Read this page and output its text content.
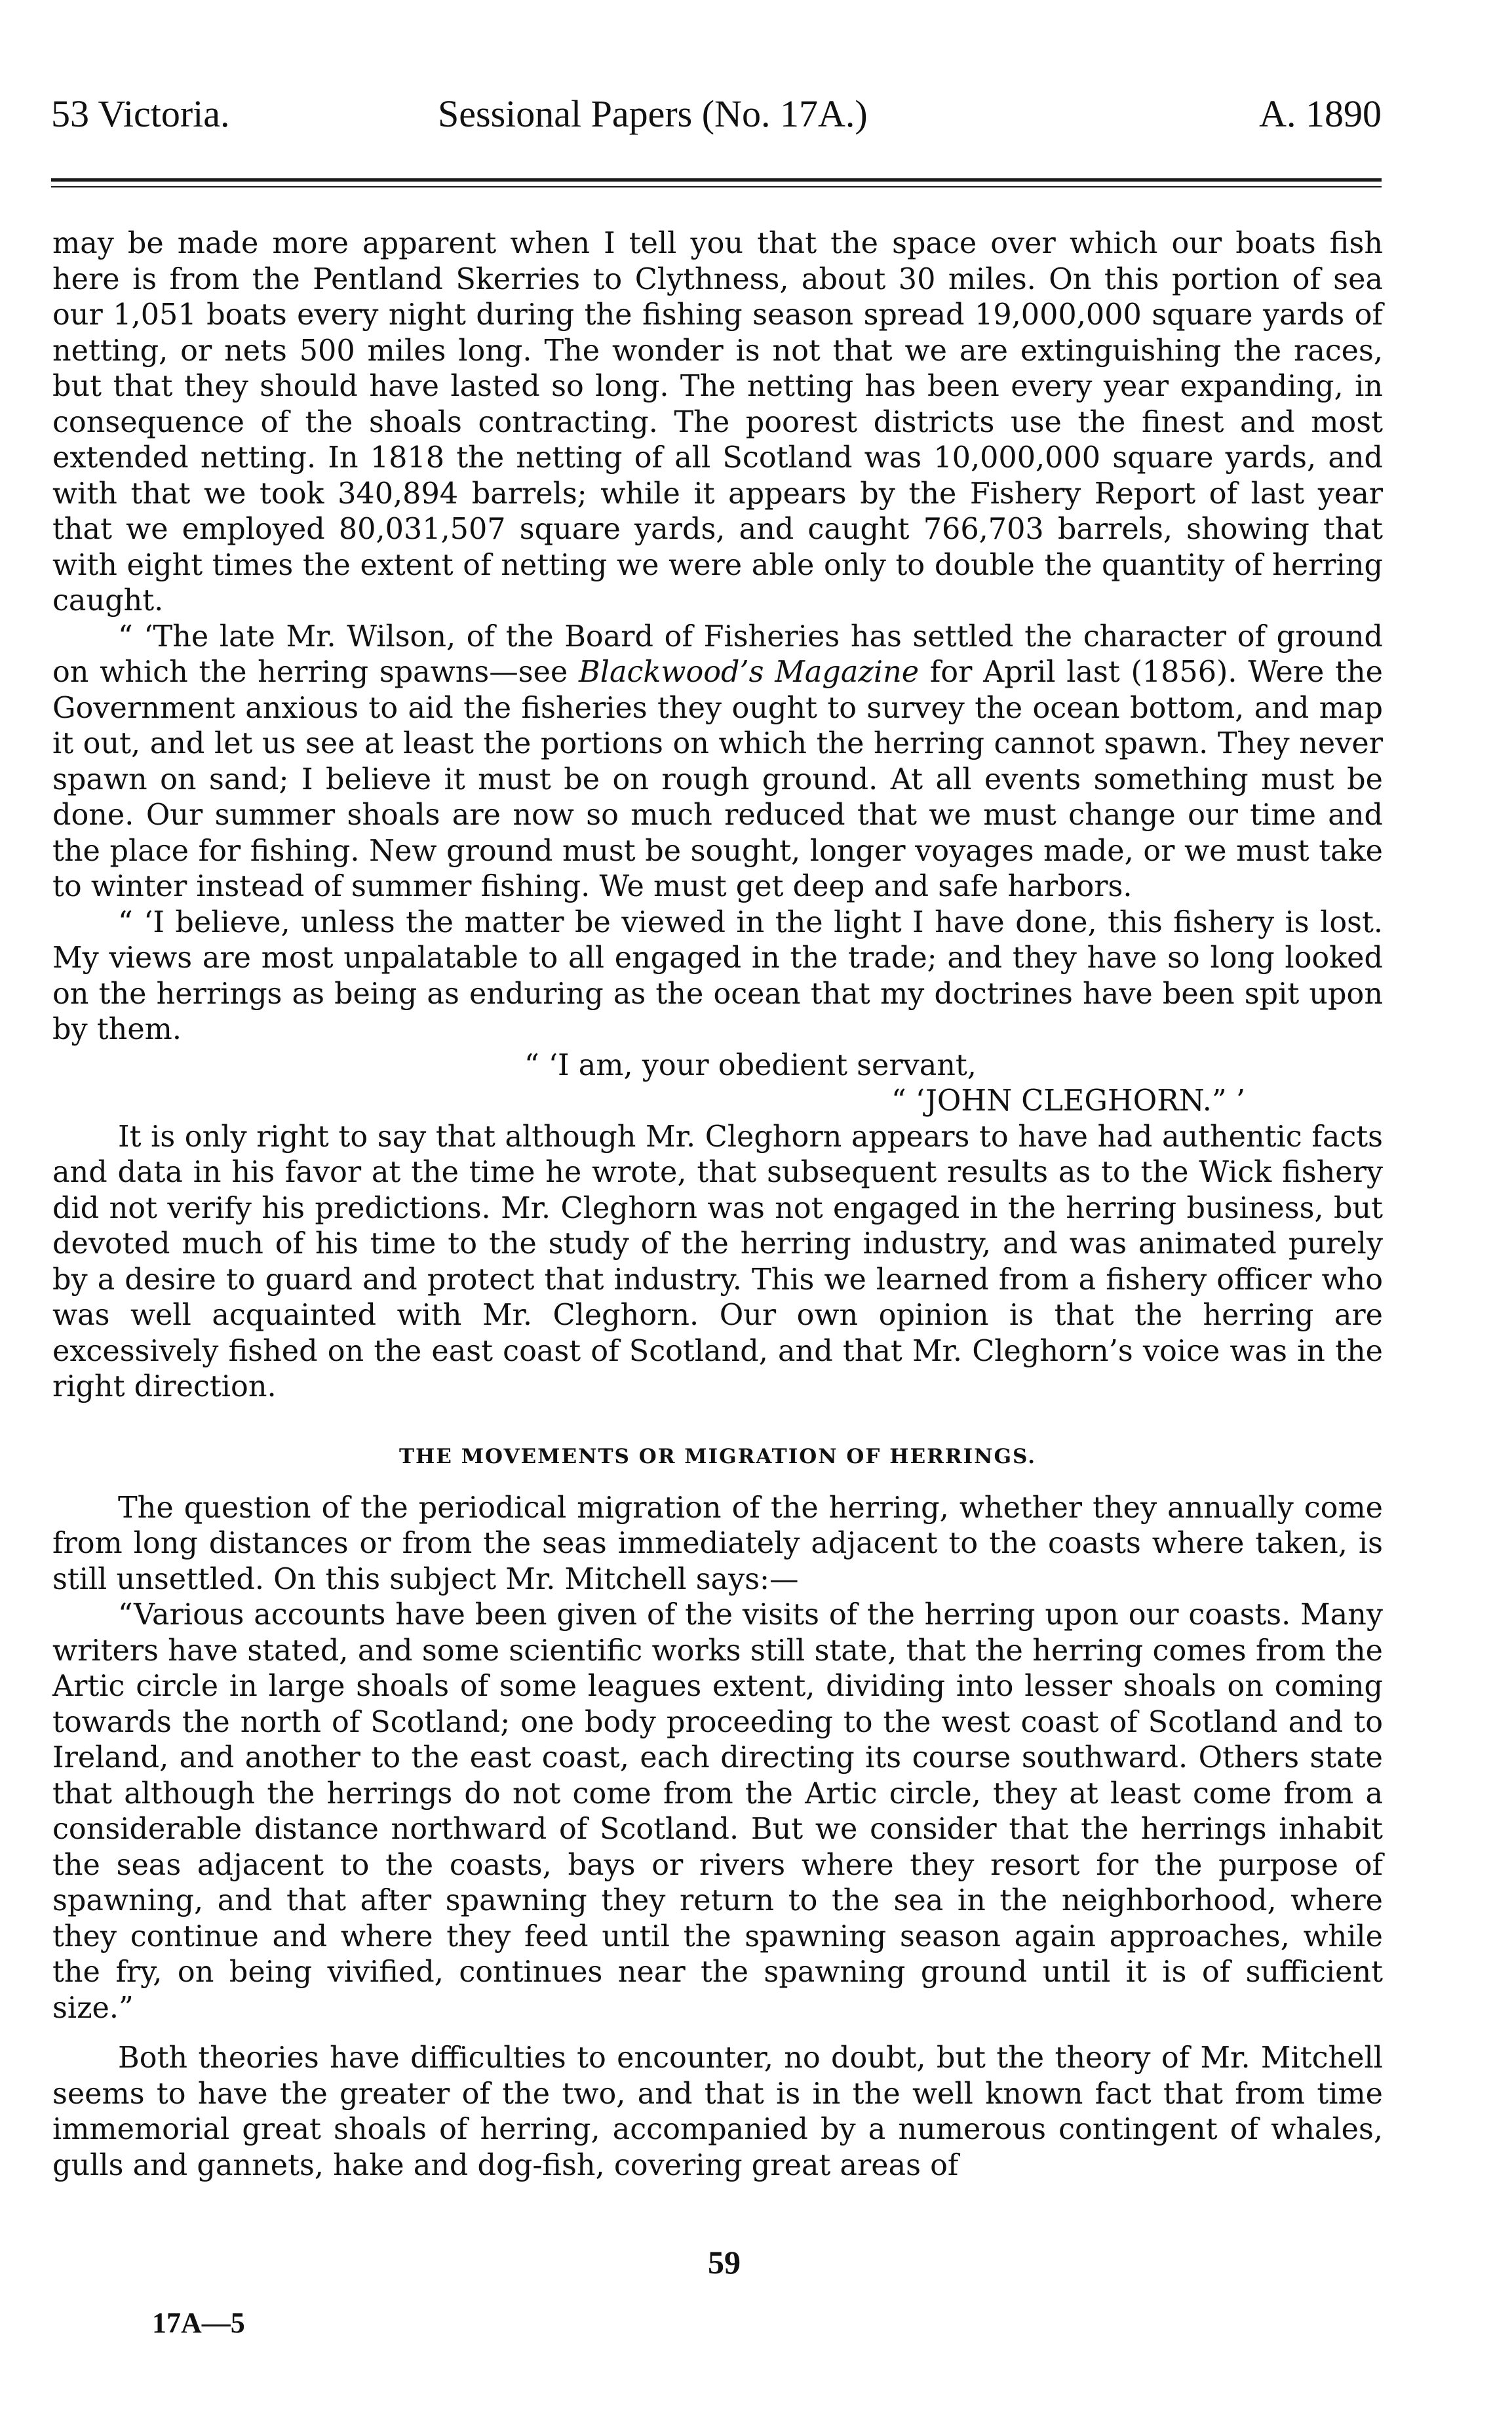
53 Victoria.	Sessional Papers (No. 17A.)	A. 1890

may be made more apparent when I tell you that the space over which our boats fish here is from the Pentland Skerries to Clythness, about 30 miles. On this portion of sea our 1,051 boats every night during the fishing season spread 19,000,000 square yards of netting, or nets 500 miles long. The wonder is not that we are extinguishing the races, but that they should have lasted so long. The netting has been every year expanding, in consequence of the shoals contracting. The poorest districts use the finest and most extended netting. In 1818 the netting of all Scotland was 10,000,000 square yards, and with that we took 340,894 barrels; while it appears by the Fishery Report of last year that we employed 80,031,507 square yards, and caught 766,703 barrels, showing that with eight times the extent of netting we were able only to double the quantity of herring caught.

“ ‘The late Mr. Wilson, of the Board of Fisheries has settled the character of ground on which the herring spawns—see Blackwood’s Magazine for April last (1856). Were the Government anxious to aid the fisheries they ought to survey the ocean bottom, and map it out, and let us see at least the portions on which the herring cannot spawn. They never spawn on sand; I believe it must be on rough ground. At all events something must be done. Our summer shoals are now so much reduced that we must change our time and the place for fishing. New ground must be sought, longer voyages made, or we must take to winter instead of summer fishing. We must get deep and safe harbors.

“ ‘I believe, unless the matter be viewed in the light I have done, this fishery is lost. My views are most unpalatable to all engaged in the trade; and they have so long looked on the herrings as being as enduring as the ocean that my doctrines have been spit upon by them.

“ ‘I am, your obedient servant,

“ ‘JOHN CLEGHORN.” ’

It is only right to say that although Mr. Cleghorn appears to have had authentic facts and data in his favor at the time he wrote, that subsequent results as to the Wick fishery did not verify his predictions. Mr. Cleghorn was not engaged in the herring business, but devoted much of his time to the study of the herring industry, and was animated purely by a desire to guard and protect that industry. This we learned from a fishery officer who was well acquainted with Mr. Cleghorn. Our own opinion is that the herring are excessively fished on the east coast of Scotland, and that Mr. Cleghorn’s voice was in the right direction.

THE MOVEMENTS OR MIGRATION OF HERRINGS.

The question of the periodical migration of the herring, whether they annually come from long distances or from the seas immediately adjacent to the coasts where taken, is still unsettled. On this subject Mr. Mitchell says:—

“Various accounts have been given of the visits of the herring upon our coasts. Many writers have stated, and some scientific works still state, that the herring comes from the Artic circle in large shoals of some leagues extent, dividing into lesser shoals on coming towards the north of Scotland; one body proceeding to the west coast of Scotland and to Ireland, and another to the east coast, each directing its course southward. Others state that although the herrings do not come from the Artic circle, they at least come from a considerable distance northward of Scotland. But we consider that the herrings inhabit the seas adjacent to the coasts, bays or rivers where they resort for the purpose of spawning, and that after spawning they return to the sea in the neighborhood, where they continue and where they feed until the spawning season again approaches, while the fry, on being vivified, continues near the spawning ground until it is of sufficient size.”

Both theories have difficulties to encounter, no doubt, but the theory of Mr. Mitchell seems to have the greater of the two, and that is in the well known fact that from time immemorial great shoals of herring, accompanied by a numerous contingent of whales, gulls and gannets, hake and dog-fish, covering great areas of

59
17A—5
